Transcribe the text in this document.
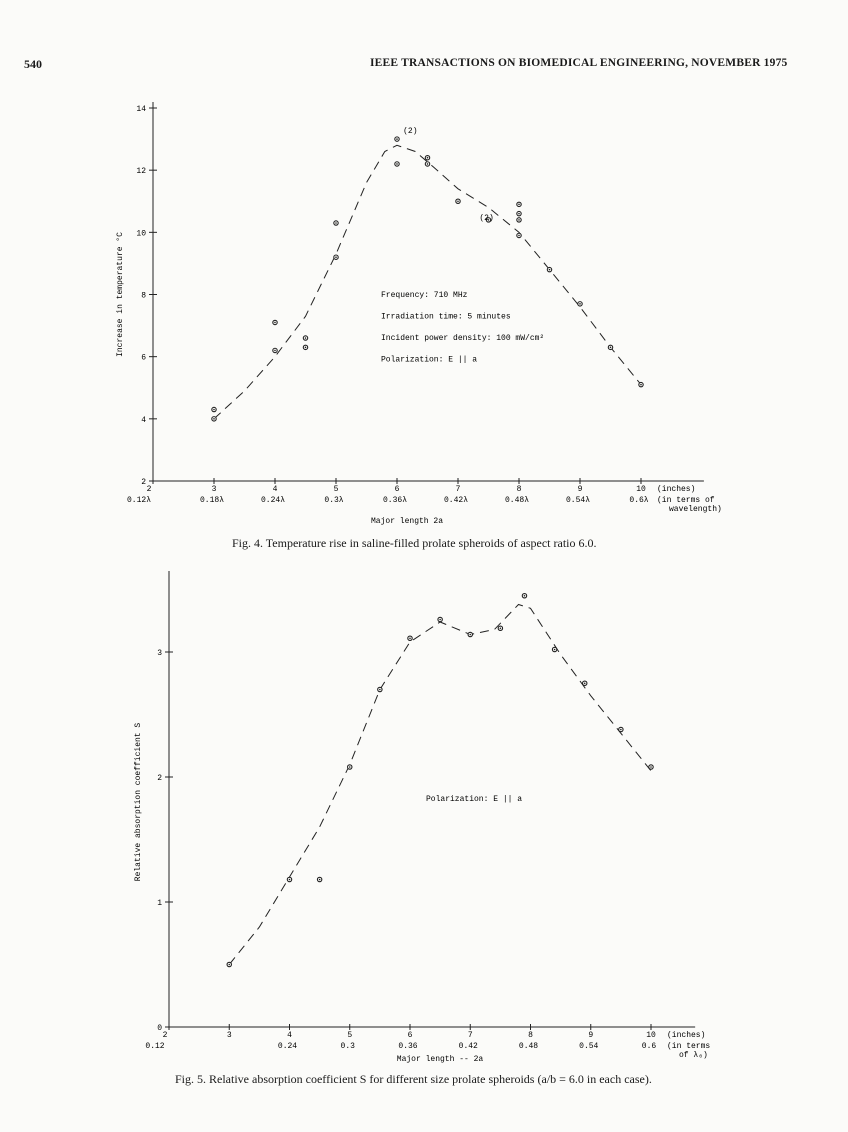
540	IEEE TRANSACTIONS ON BIOMEDICAL ENGINEERING, NOVEMBER 1975
2
0.12λ
3
0.18λ
4
0.24λ
5
0.3λ
6
0.36λ
7
0.42λ
8
0.48λ
9
0.54λ
10
0.6λ
(inches)
(in terms of
wavelength)
Major length 2a
2
4
6
8
10
12
14
Increase in temperature °C
(2)
(2)
Frequency: 710 MHz
Irradiation time: 5 minutes
Incident power density: 100 mW/cm²
Polarization: E || a
Fig. 4. Temperature rise in saline-filled prolate spheroids of aspect ratio 6.0.
2
0.12
3	4
0.24
5
0.3
6
0.36
7
0.42
8
0.48
9
0.54
10
0.6
(inches)
(in terms
of λ₀)
Major length -- 2a
0
1
2
3
Relative absorption coefficient S	Polarization: E || a
Fig. 5. Relative absorption coefficient S for different size prolate spheroids (a/b = 6.0 in each case).
